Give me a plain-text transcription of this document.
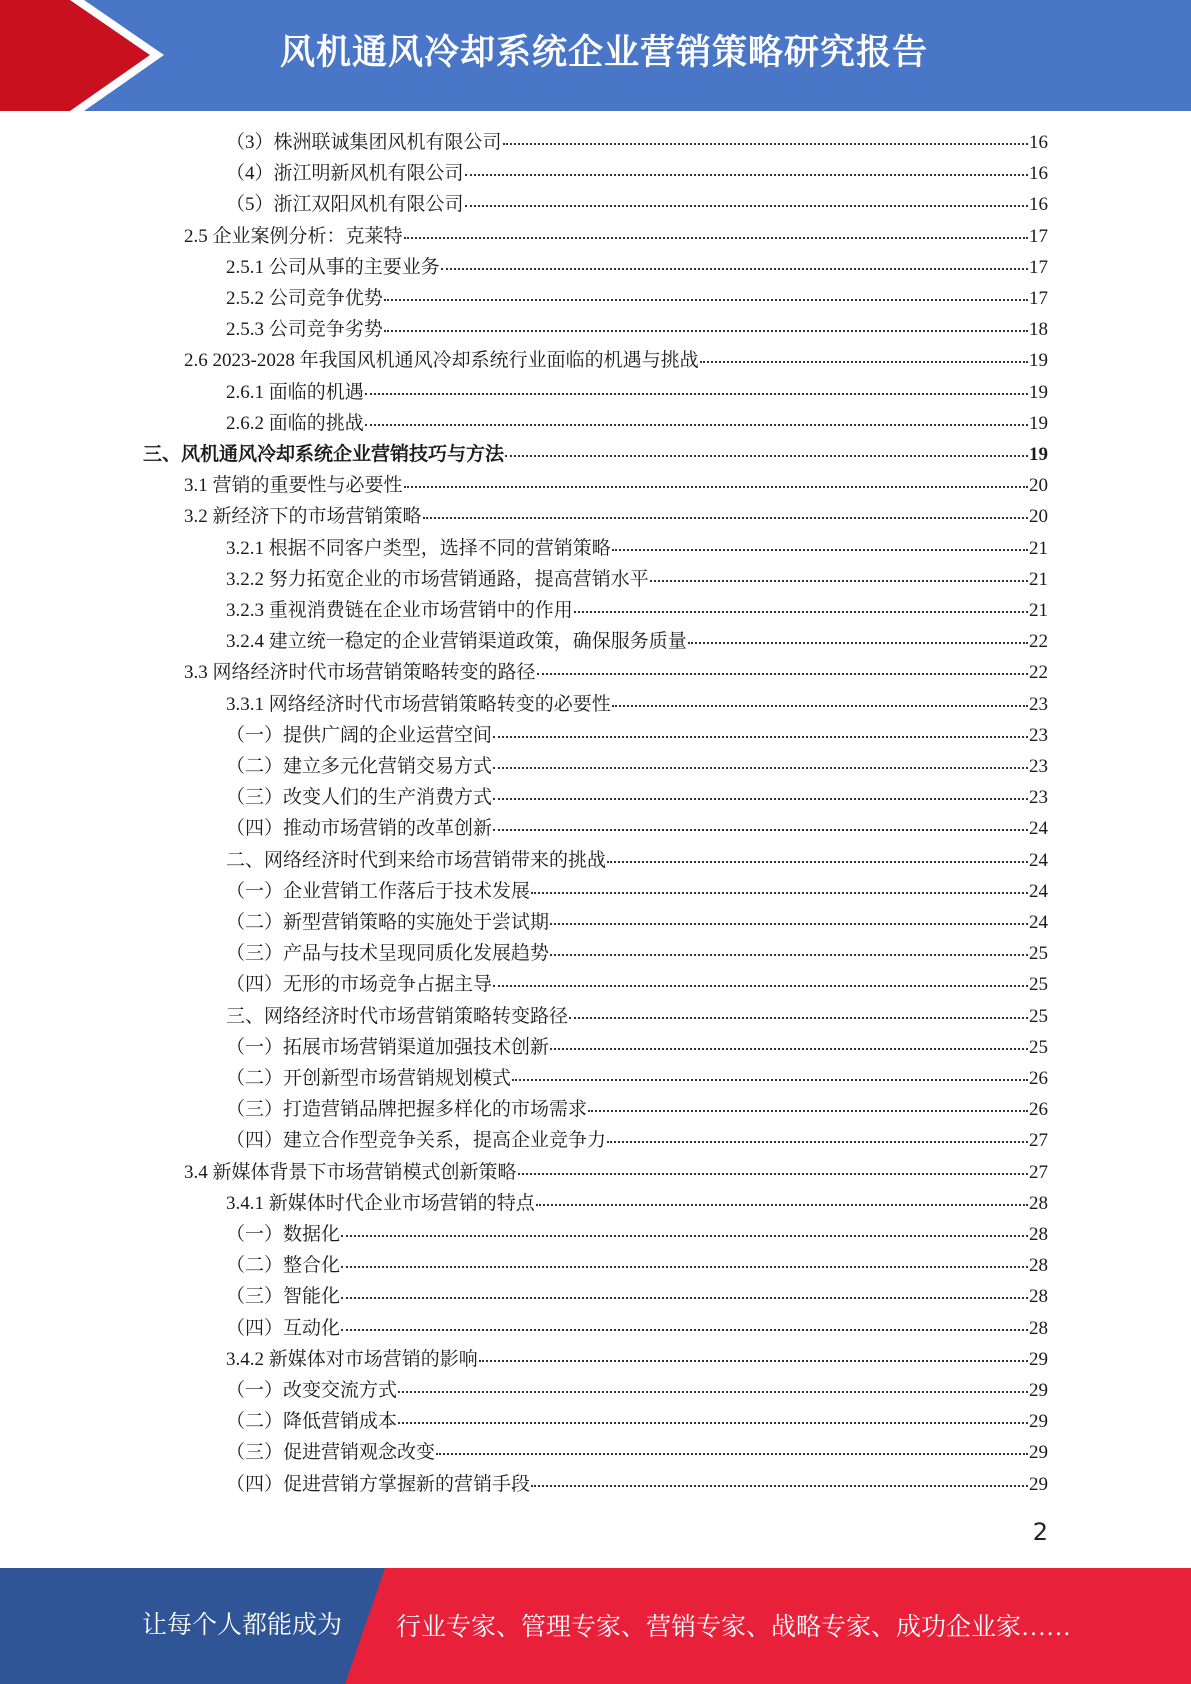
风机通风冷却系统企业营销策略研究报告
（3）株洲联诚集团风机有限公司	16
（4）浙江明新风机有限公司	16
（5）浙江双阳风机有限公司	16
2.5 企业案例分析：克莱特	17
2.5.1 公司从事的主要业务	17
2.5.2 公司竞争优势	17
2.5.3 公司竞争劣势	18
2.6 2023-2028 年我国风机通风冷却系统行业面临的机遇与挑战	19
2.6.1 面临的机遇	19
2.6.2 面临的挑战	19
三、风机通风冷却系统企业营销技巧与方法	19
3.1 营销的重要性与必要性	20
3.2 新经济下的市场营销策略	20
3.2.1 根据不同客户类型，选择不同的营销策略	21
3.2.2 努力拓宽企业的市场营销通路，提高营销水平	21
3.2.3 重视消费链在企业市场营销中的作用	21
3.2.4 建立统一稳定的企业营销渠道政策，确保服务质量	22
3.3 网络经济时代市场营销策略转变的路径	22
3.3.1 网络经济时代市场营销策略转变的必要性	23
（一）提供广阔的企业运营空间	23
（二）建立多元化营销交易方式	23
（三）改变人们的生产消费方式	23
（四）推动市场营销的改革创新	24
二、网络经济时代到来给市场营销带来的挑战	24
（一）企业营销工作落后于技术发展	24
（二）新型营销策略的实施处于尝试期	24
（三）产品与技术呈现同质化发展趋势	25
（四）无形的市场竞争占据主导	25
三、网络经济时代市场营销策略转变路径	25
（一）拓展市场营销渠道加强技术创新	25
（二）开创新型市场营销规划模式	26
（三）打造营销品牌把握多样化的市场需求	26
（四）建立合作型竞争关系，提高企业竞争力	27
3.4 新媒体背景下市场营销模式创新策略	27
3.4.1 新媒体时代企业市场营销的特点	28
（一）数据化	28
（二）整合化	28
（三）智能化	28
（四）互动化	28
3.4.2 新媒体对市场营销的影响	29
（一）改变交流方式	29
（二）降低营销成本	29
（三）促进营销观念改变	29
（四）促进营销方掌握新的营销手段	29
2
让每个人都能成为 行业专家、管理专家、营销专家、战略专家、成功企业家……
